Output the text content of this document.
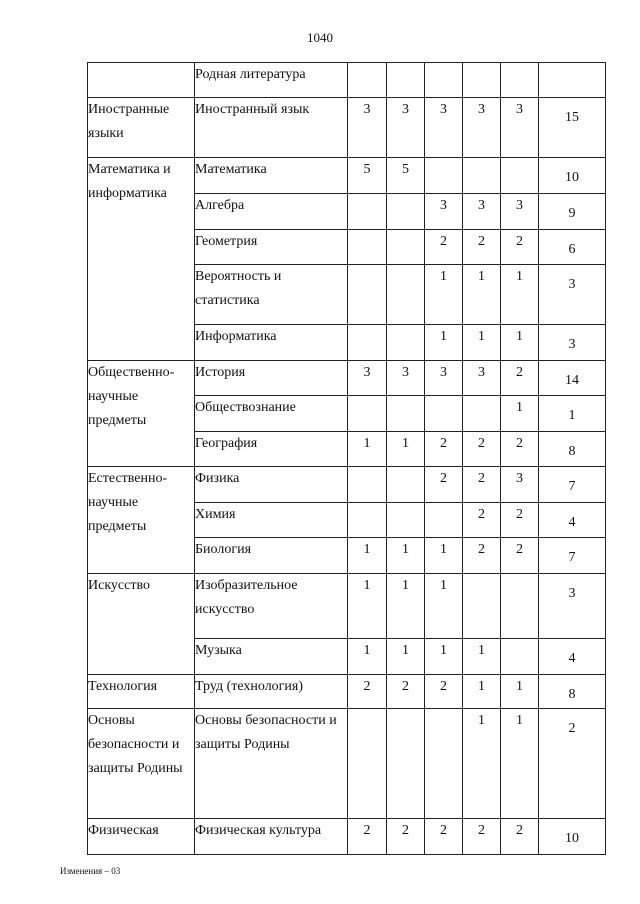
1040
	Родная литература						
Иностранные языки	Иностранный язык	3	3	3	3	3	15
Математика и информатика	Математика	5	5				10
	Алгебра			3	3	3	9
	Геометрия			2	2	2	6
	Вероятность и статистика			1	1	1	3
	Информатика			1	1	1	3
Общественно-научные предметы	История	3	3	3	3	2	14
	Обществознание					1	1
	География	1	1	2	2	2	8
Естественно-научные предметы	Физика			2	2	3	7
	Химия				2	2	4
	Биология	1	1	1	2	2	7
Искусство	Изобразительное искусство	1	1	1			3
	Музыка	1	1	1	1		4
Технология	Труд (технология)	2	2	2	1	1	8
Основы безопасности и защиты Родины	Основы безопасности и защиты Родины				1	1	2
Физическая	Физическая культура	2	2	2	2	2	10
Изменения – 03
